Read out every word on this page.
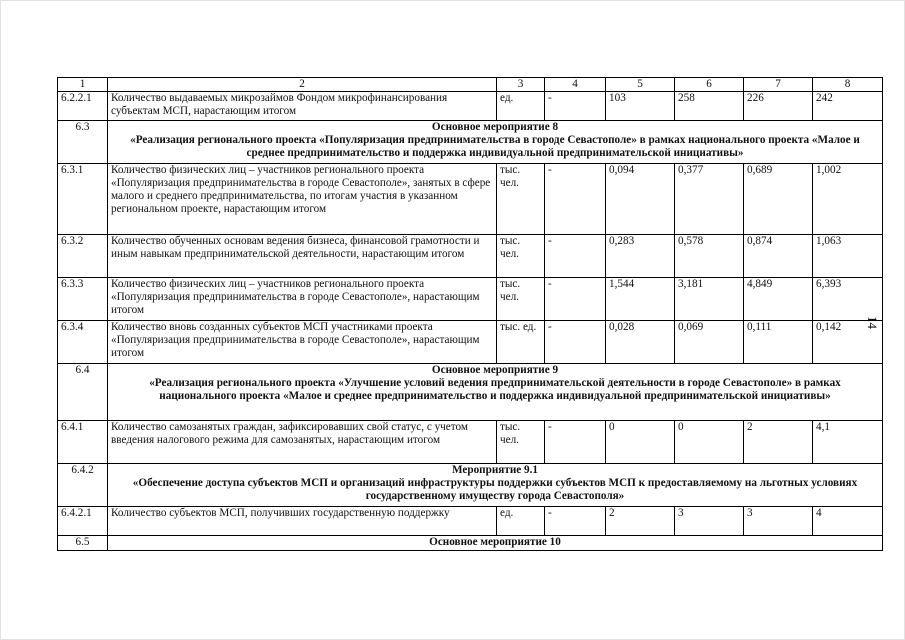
1	2	3	4	5	6	7	8
6.2.2.1	Количество выдаваемых микрозаймов Фондом микрофинансирования субъектам МСП, нарастающим итогом	ед.	-	103	258	226	242
6.3	Основное мероприятие 8
«Реализация регионального проекта «Популяризация предпринимательства в городе Севастополе» в рамках национального проекта «Малое и среднее предпринимательство и поддержка индивидуальной предпринимательской инициативы»						

6.3.1	Количество физических лиц – участников регионального проекта «Популяризация предпринимательства в городе Севастополе», занятых в сфере малого и среднего предпринимательства, по итогам участия в указанном региональном проекте, нарастающим итогом	тыс. чел.	-	0,094	0,377	0,689	1,002
6.3.2	Количество обученных основам ведения бизнеса, финансовой грамотности и иным навыкам предпринимательской деятельности, нарастающим итогом	тыс. чел.	-	0,283	0,578	0,874	1,063
6.3.3	Количество физических лиц – участников регионального проекта «Популяризация предпринимательства в городе Севастополе», нарастающим итогом	тыс. чел.	-	1,544	3,181	4,849	6,393
6.3.4	Количество вновь созданных субъектов МСП участниками проекта «Популяризация предпринимательства в городе Севастополе», нарастающим итогом	тыс. ед.	-	0,028	0,069	0,111	0,142
6.4	Основное мероприятие 9
«Реализация регионального проекта «Улучшение условий ведения предпринимательской деятельности в городе Севастополе» в рамках национального проекта «Малое и среднее предпринимательство и поддержка индивидуальной предпринимательской инициативы»						

6.4.1	Количество самозанятых граждан, зафиксировавших свой статус, с учетом введения налогового режима для самозанятых, нарастающим итогом	тыс. чел.	-	0	0	2	4,1
6.4.2	Мероприятие 9.1
«Обеспечение доступа субъектов МСП и организаций инфраструктуры поддержки субъектов МСП к предоставляемому на льготных условиях государственному имуществу города Севастополя»						

6.4.2.1	Количество субъектов МСП, получивших государственную поддержку	ед.	-	2	3	3	4
6.5	Основное мероприятие 10						
14
